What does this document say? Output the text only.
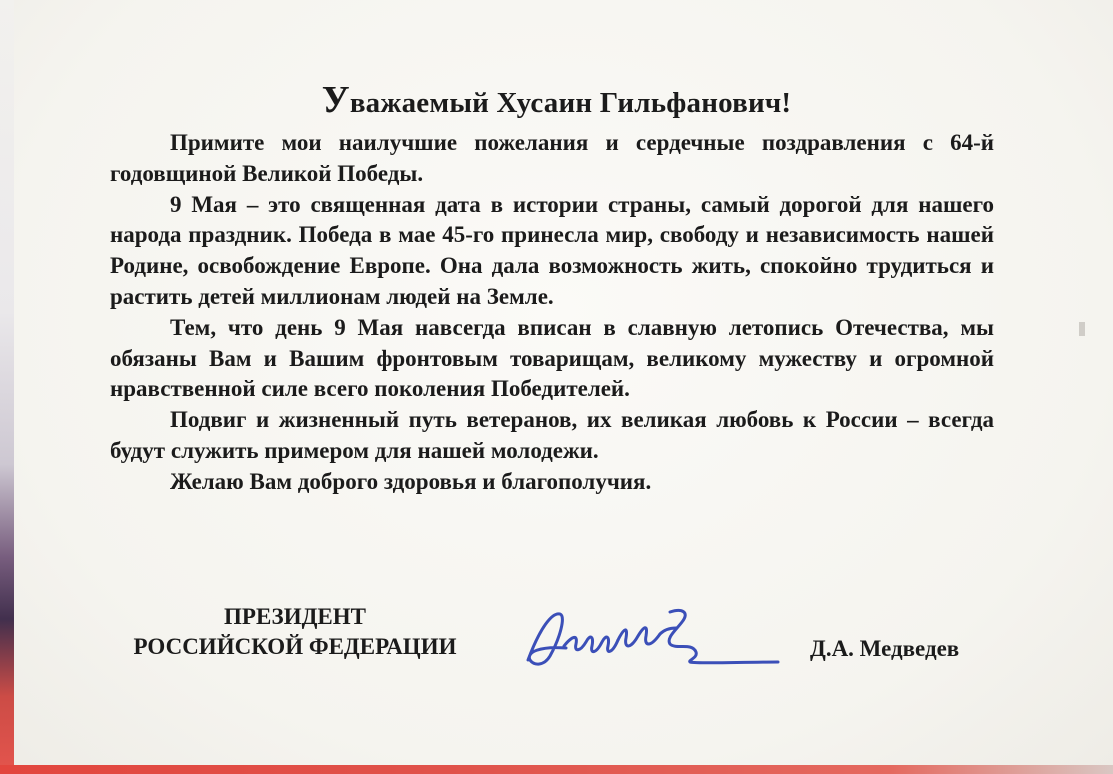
Уважаемый Хусаин Гильфанович!

Примите мои наилучшие пожелания и сердечные поздравления с 64-й годовщиной Великой Победы.

9 Мая – это священная дата в истории страны, самый дорогой для нашего народа праздник. Победа в мае 45-го принесла мир, свободу и независимость нашей Родине, освобождение Европе. Она дала возможность жить, спокойно трудиться и растить детей миллионам людей на Земле.

Тем, что день 9 Мая навсегда вписан в славную летопись Отечества, мы обязаны Вам и Вашим фронтовым товарищам, великому мужеству и огромной нравственной силе всего поколения Победителей.

Подвиг и жизненный путь ветеранов, их великая любовь к России – всегда будут служить примером для нашей молодежи.

Желаю Вам доброго здоровья и благополучия.

ПРЕЗИДЕНТ
РОССИЙСКОЙ ФЕДЕРАЦИИ	Д.А. Медведев
